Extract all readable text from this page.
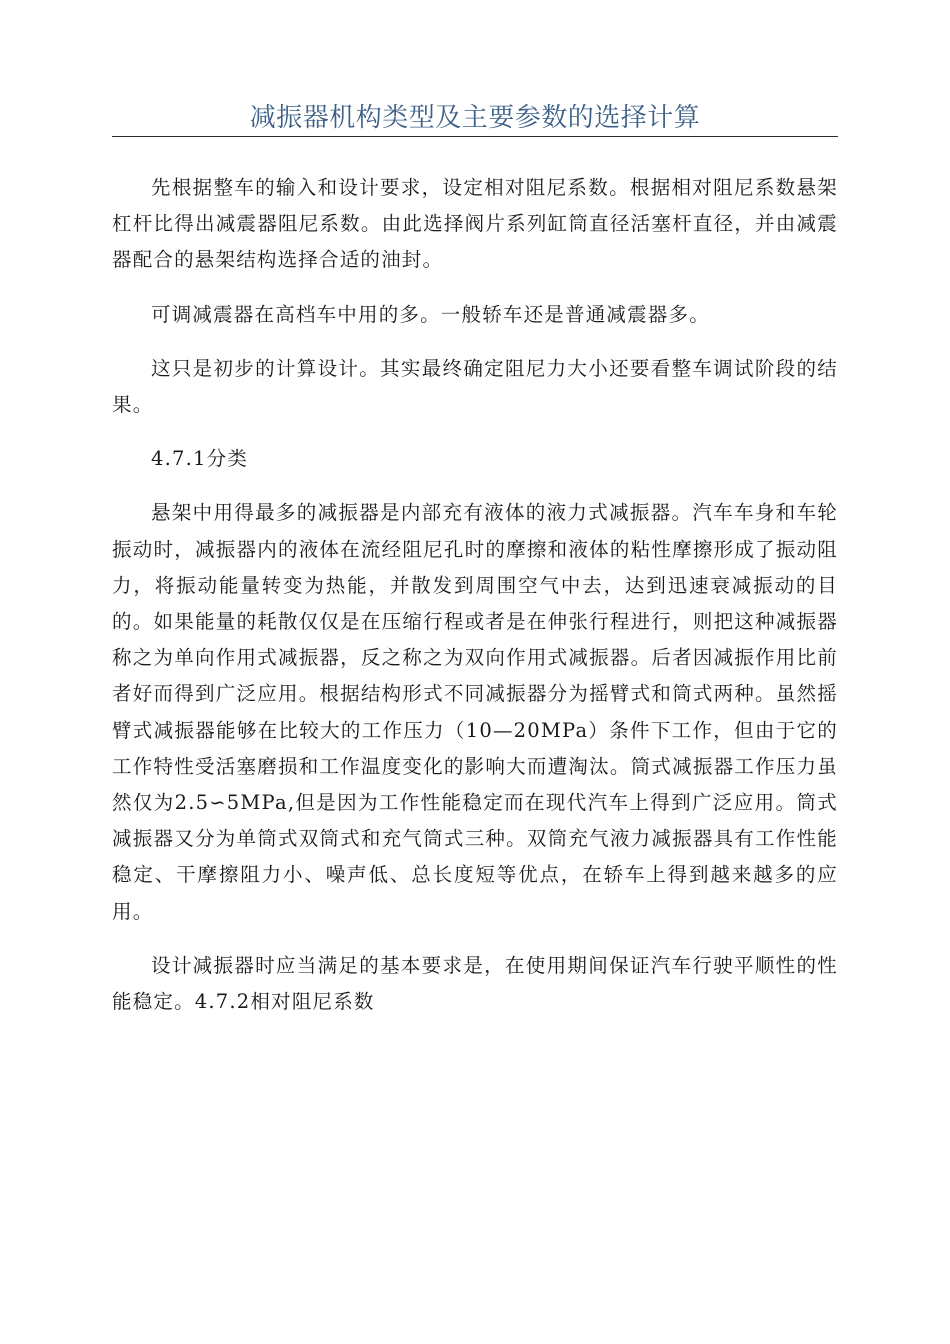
减振器机构类型及主要参数的选择计算

先根据整车的输入和设计要求，设定相对阻尼系数。根据相对阻尼系数悬架杠杆比得出减震器阻尼系数。由此选择阀片系列缸筒直径活塞杆直径，并由减震器配合的悬架结构选择合适的油封。

可调减震器在高档车中用的多。一般轿车还是普通减震器多。

这只是初步的计算设计。其实最终确定阻尼力大小还要看整车调试阶段的结果。

4.7.1分类

悬架中用得最多的减振器是内部充有液体的液力式减振器。汽车车身和车轮振动时，减振器内的液体在流经阻尼孔时的摩擦和液体的粘性摩擦形成了振动阻力，将振动能量转变为热能，并散发到周围空气中去，达到迅速衰减振动的目的。如果能量的耗散仅仅是在压缩行程或者是在伸张行程进行，则把这种减振器称之为单向作用式减振器，反之称之为双向作用式减振器。后者因减振作用比前者好而得到广泛应用。根据结构形式不同减振器分为摇臂式和筒式两种。虽然摇臂式减振器能够在比较大的工作压力（10—20MPa）条件下工作，但由于它的工作特性受活塞磨损和工作温度变化的影响大而遭淘汰。筒式减振器工作压力虽然仅为2.5∽5MPa,但是因为工作性能稳定而在现代汽车上得到广泛应用。筒式减振器又分为单筒式双筒式和充气筒式三种。双筒充气液力减振器具有工作性能稳定、干摩擦阻力小、噪声低、总长度短等优点，在轿车上得到越来越多的应用。

设计减振器时应当满足的基本要求是，在使用期间保证汽车行驶平顺性的性能稳定。4.7.2相对阻尼系数
